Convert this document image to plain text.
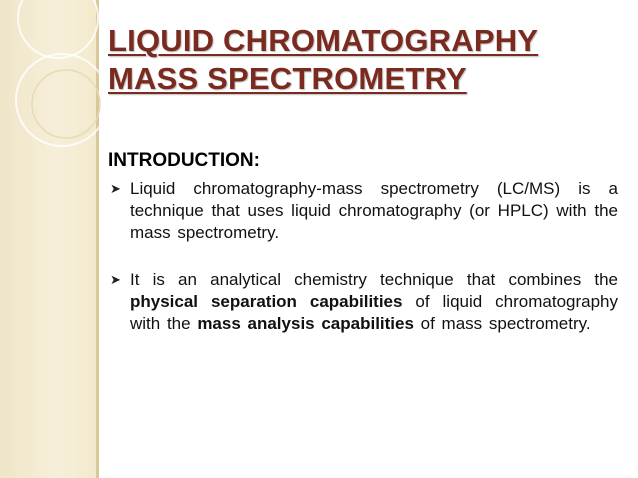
LIQUID CHROMATOGRAPHY
MASS SPECTROMETRY
INTRODUCTION:
➤ Liquid chromatography-mass spectrometry (LC/MS) is a technique that uses liquid chromatography (or HPLC) with the mass spectrometry.
➤ It is an analytical chemistry technique that combines the physical separation capabilities of liquid chromatography with the mass analysis capabilities of mass spectrometry.
